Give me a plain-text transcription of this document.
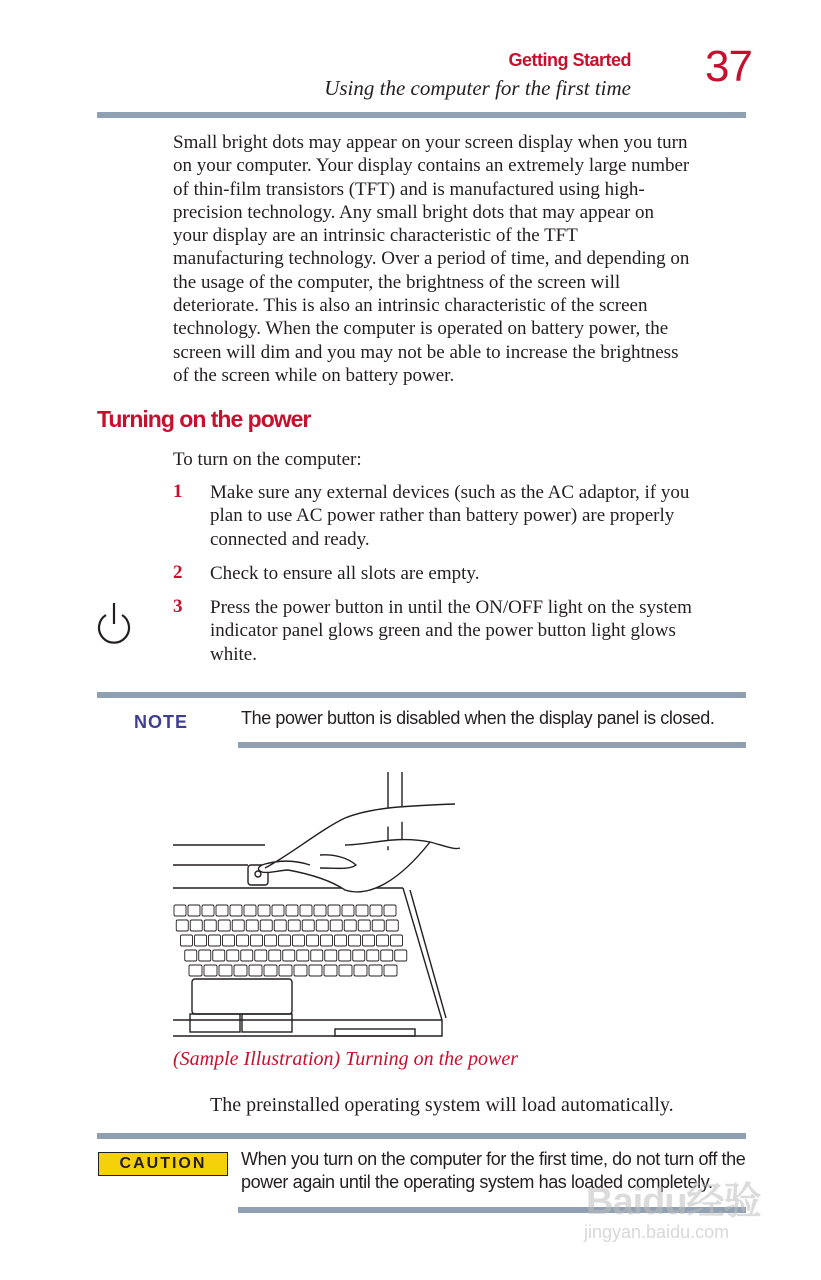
Getting Started
Using the computer for the first time 37
Small bright dots may appear on your screen display when you turn
on your computer. Your display contains an extremely large number
of thin-film transistors (TFT) and is manufactured using high-
precision technology. Any small bright dots that may appear on
your display are an intrinsic characteristic of the TFT
manufacturing technology. Over a period of time, and depending on
the usage of the computer, the brightness of the screen will
deteriorate. This is also an intrinsic characteristic of the screen
technology. When the computer is operated on battery power, the
screen will dim and you may not be able to increase the brightness
of the screen while on battery power.
Turning on the power
To turn on the computer:
1 Make sure any external devices (such as the AC adaptor, if you
plan to use AC power rather than battery power) are properly
connected and ready.
2 Check to ensure all slots are empty.
3 Press the power button in until the ON/OFF light on the system
indicator panel glows green and the power button light glows
white.
NOTE	The power button is disabled when the display panel is closed.
(Sample Illustration) Turning on the power
The preinstalled operating system will load automatically.
CAUTION	When you turn on the computer for the first time, do not turn off the
power again until the operating system has loaded completely.
Baidu经验
jingyan.baidu.com
